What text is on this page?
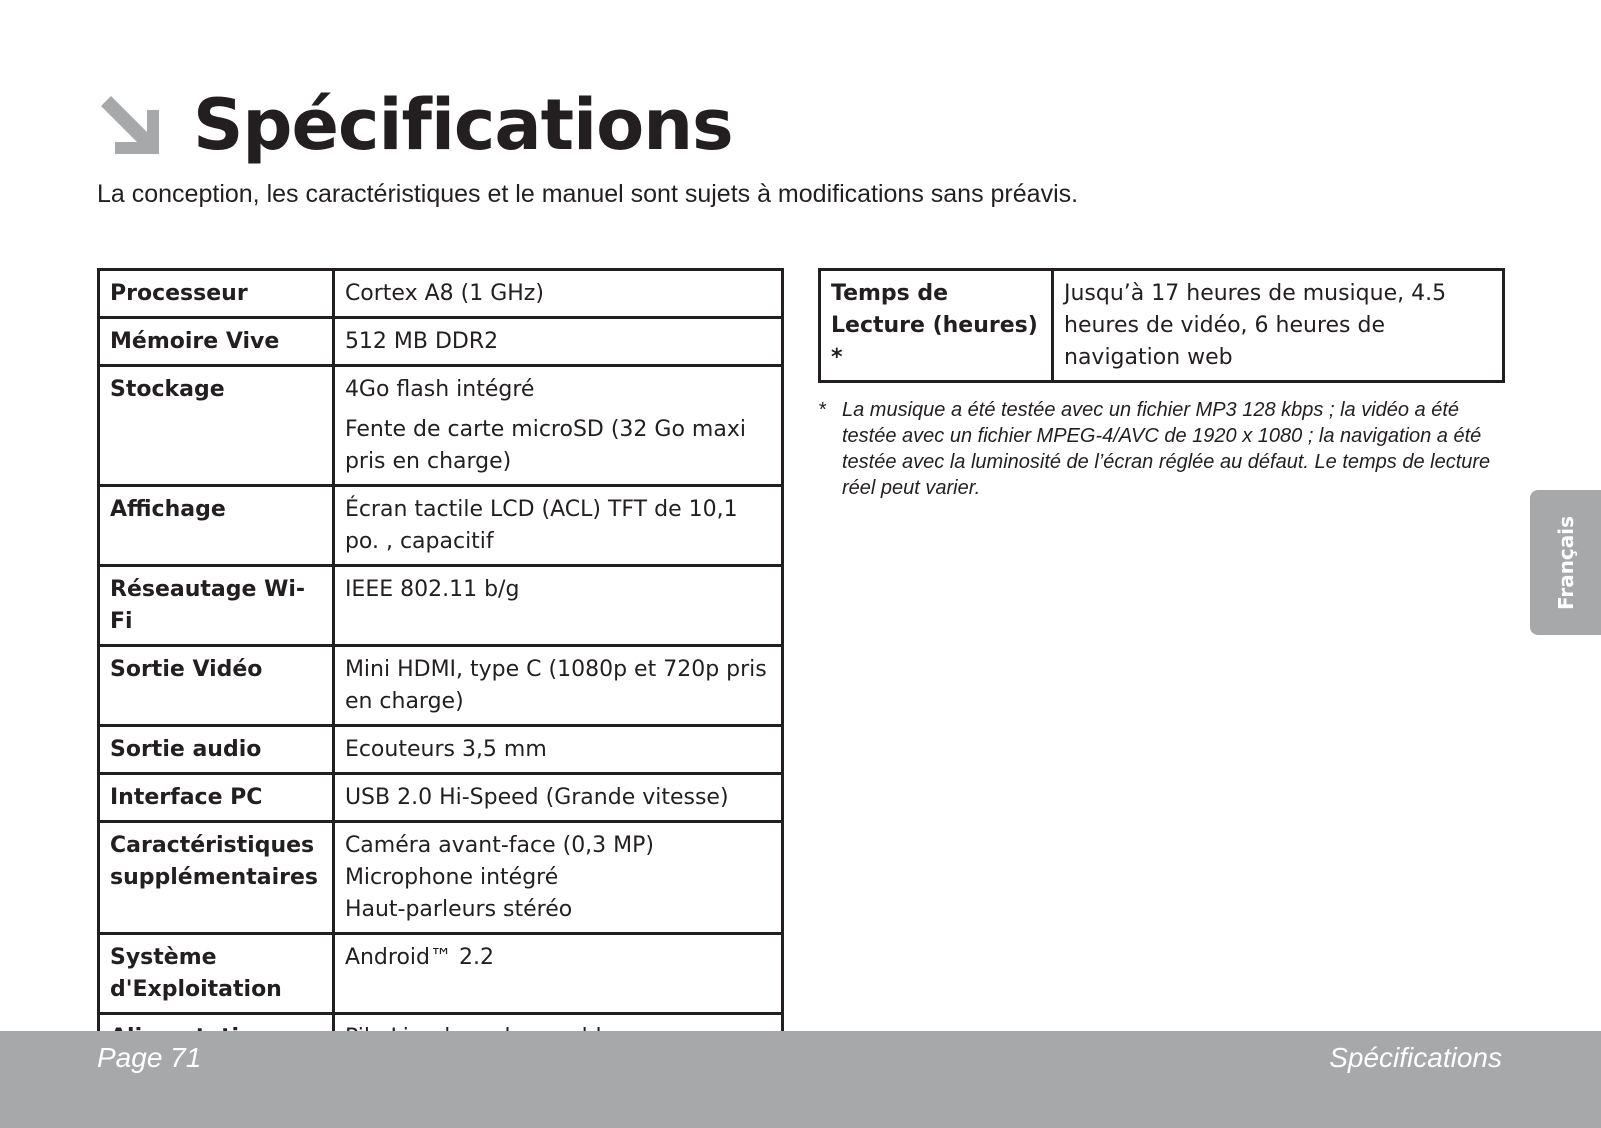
Spécifications
La conception, les caractéristiques et le manuel sont sujets à modifications sans préavis.
Processeur	Cortex A8 (1 GHz)

Mémoire Vive	512 MB DDR2

Stockage	4Go flash intégré
Fente de carte microSD (32 Go maxi pris en charge)

Affichage	Écran tactile LCD (ACL) TFT de 10,1 po. , capacitif

Réseautage Wi-Fi	IEEE 802.11 b/g

Sortie Vidéo	Mini HDMI, type C (1080p et 720p pris en charge)

Sortie audio	Ecouteurs 3,5 mm

Interface PC	USB 2.0 Hi-Speed (Grande vitesse)

Caractéristiques supplémentaires	Caméra avant-face (0,3 MP)
Microphone intégré
Haut-parleurs stéréo

Système d'Exploitation	Android™ 2.2

Temps de Lecture (heures) *	Jusqu’à 17 heures de musique, 4.5 heures de vidéo, 6 heures de navigation web
* La musique a été testée avec un fichier MP3 128 kbps ; la vidéo a été testée avec un fichier MPEG-4/AVC de 1920 x 1080 ; la navigation a été testée avec la luminosité de l’écran réglée au défaut. Le temps de lecture réel peut varier.
Français
Page 71	Spécifications
